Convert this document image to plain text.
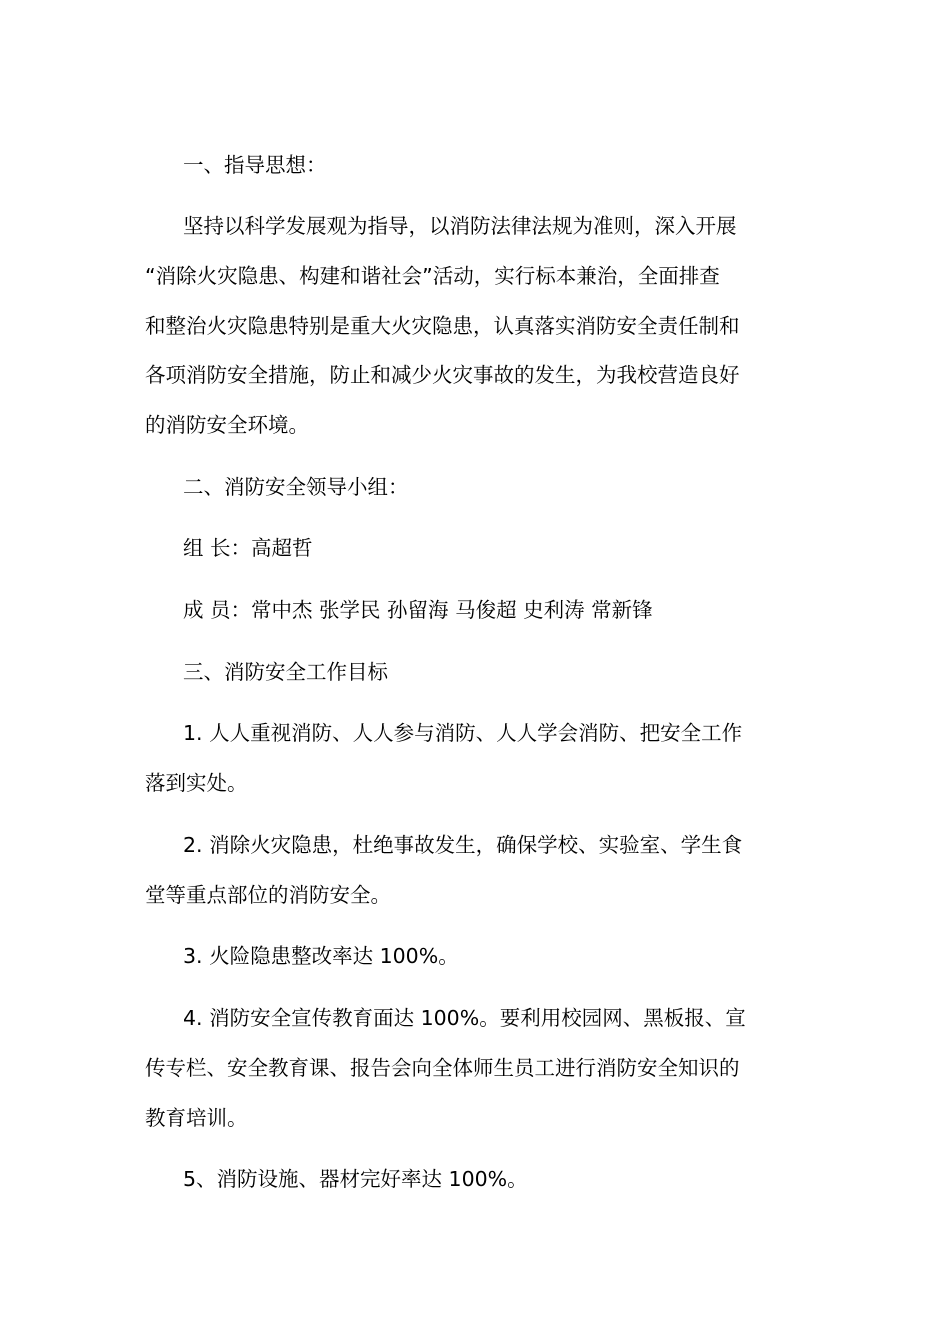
一、指导思想：

坚持以科学发展观为指导，以消防法律法规为准则，深入开展

“消除火灾隐患、构建和谐社会”活动，实行标本兼治，全面排查

和整治火灾隐患特别是重大火灾隐患，认真落实消防安全责任制和

各项消防安全措施，防止和减少火灾事故的发生，为我校营造良好

的消防安全环境。

二、消防安全领导小组：

组 长：高超哲

成 员：常中杰 张学民 孙留海 马俊超 史利涛 常新锋

三、消防安全工作目标

1. 人人重视消防、人人参与消防、人人学会消防、把安全工作

落到实处。

2. 消除火灾隐患，杜绝事故发生，确保学校、实验室、学生食

堂等重点部位的消防安全。

3. 火险隐患整改率达 100%。

4. 消防安全宣传教育面达 100%。要利用校园网、黑板报、宣

传专栏、安全教育课、报告会向全体师生员工进行消防安全知识的

教育培训。

5、消防设施、器材完好率达 100%。
